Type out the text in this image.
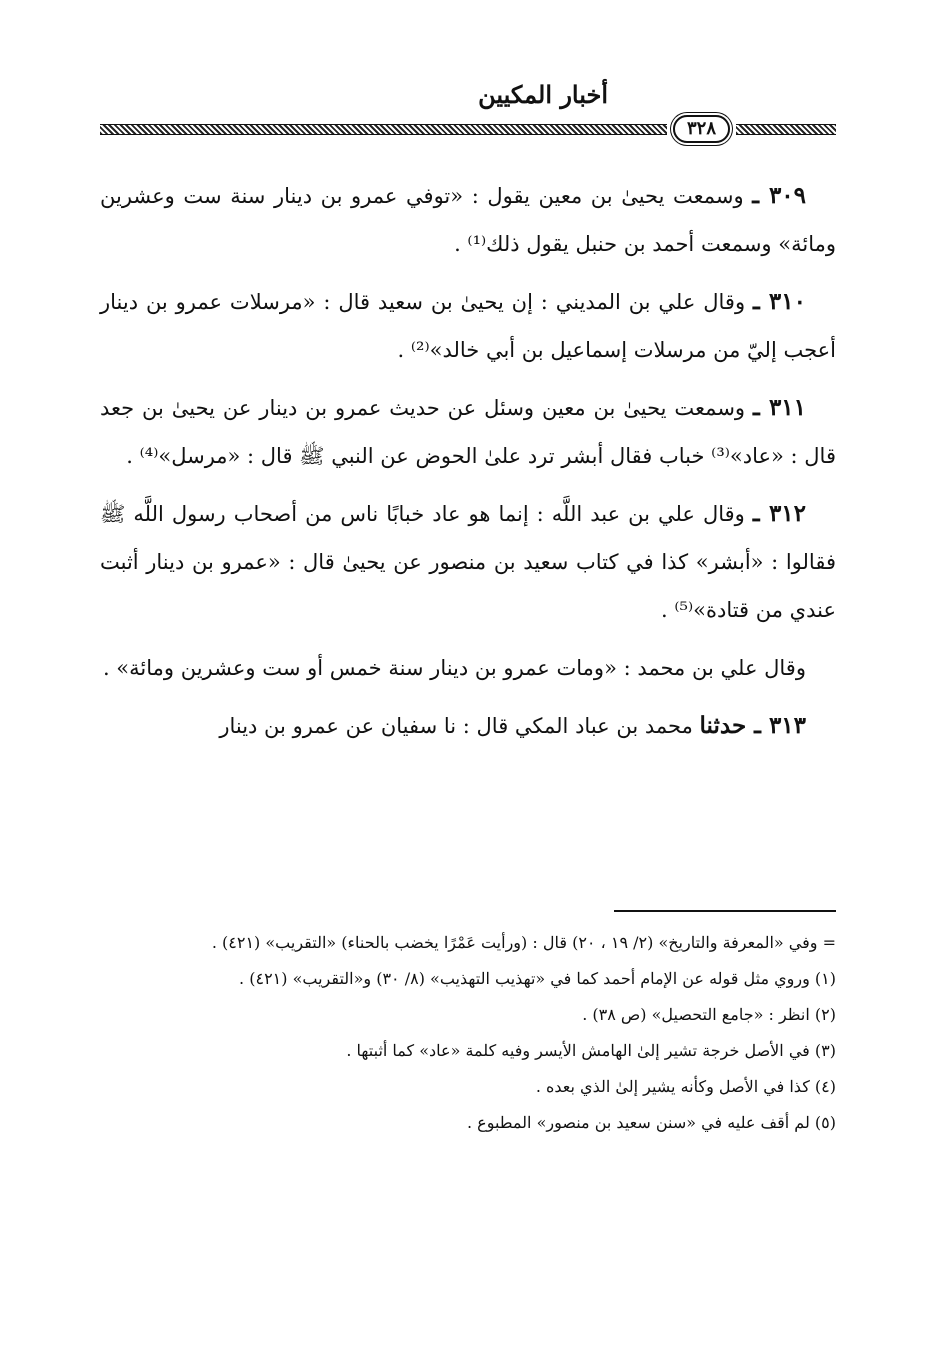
أخبار المكيين
٣٢٨

٣٠٩ ـ وسمعت يحيىٰ بن معين يقول : «توفي عمرو بن دينار سنة ست وعشرين ومائة» وسمعت أحمد بن حنبل يقول ذلك⁽¹⁾ .

٣١٠ ـ وقال علي بن المديني : إن يحيىٰ بن سعيد قال : «مرسلات عمرو بن دينار أعجب إليّ من مرسلات إسماعيل بن أبي خالد»⁽²⁾ .

٣١١ ـ وسمعت يحيىٰ بن معين وسئل عن حديث عمرو بن دينار عن يحيىٰ بن جعد قال : «عاد»⁽³⁾ خباب فقال أبشر ترد علىٰ الحوض عن النبي ﷺ قال : «مرسل»⁽⁴⁾ .

٣١٢ ـ وقال علي بن عبد اللَّه : إنما هو عاد خبابًا ناس من أصحاب رسول اللَّه ﷺ فقالوا : «أبشر» كذا في كتاب سعيد بن منصور عن يحيىٰ قال : «عمرو بن دينار أثبت عندي من قتادة»⁽⁵⁾ .

وقال علي بن محمد : «ومات عمرو بن دينار سنة خمس أو ست وعشرين ومائة» .

٣١٣ ـ حدثنا محمد بن عباد المكي قال : نا سفيان عن عمرو بن دينار

= وفي «المعرفة والتاريخ» (٢/ ١٩ ، ٢٠) قال : (ورأيت عَمْرًا يخضب بالحناء) «التقريب» (٤٢١) .

(١) وروي مثل قوله عن الإمام أحمد كما في «تهذيب التهذيب» (٨/ ٣٠) و«التقريب» (٤٢١) .

(٢) انظر : «جامع التحصيل» (ص ٣٨) .

(٣) في الأصل خرجة تشير إلىٰ الهامش الأيسر وفيه كلمة «عاد» كما أثبتها .

(٤) كذا في الأصل وكأنه يشير إلىٰ الذي بعده .

(٥) لم أقف عليه في «سنن سعيد بن منصور» المطبوع .
